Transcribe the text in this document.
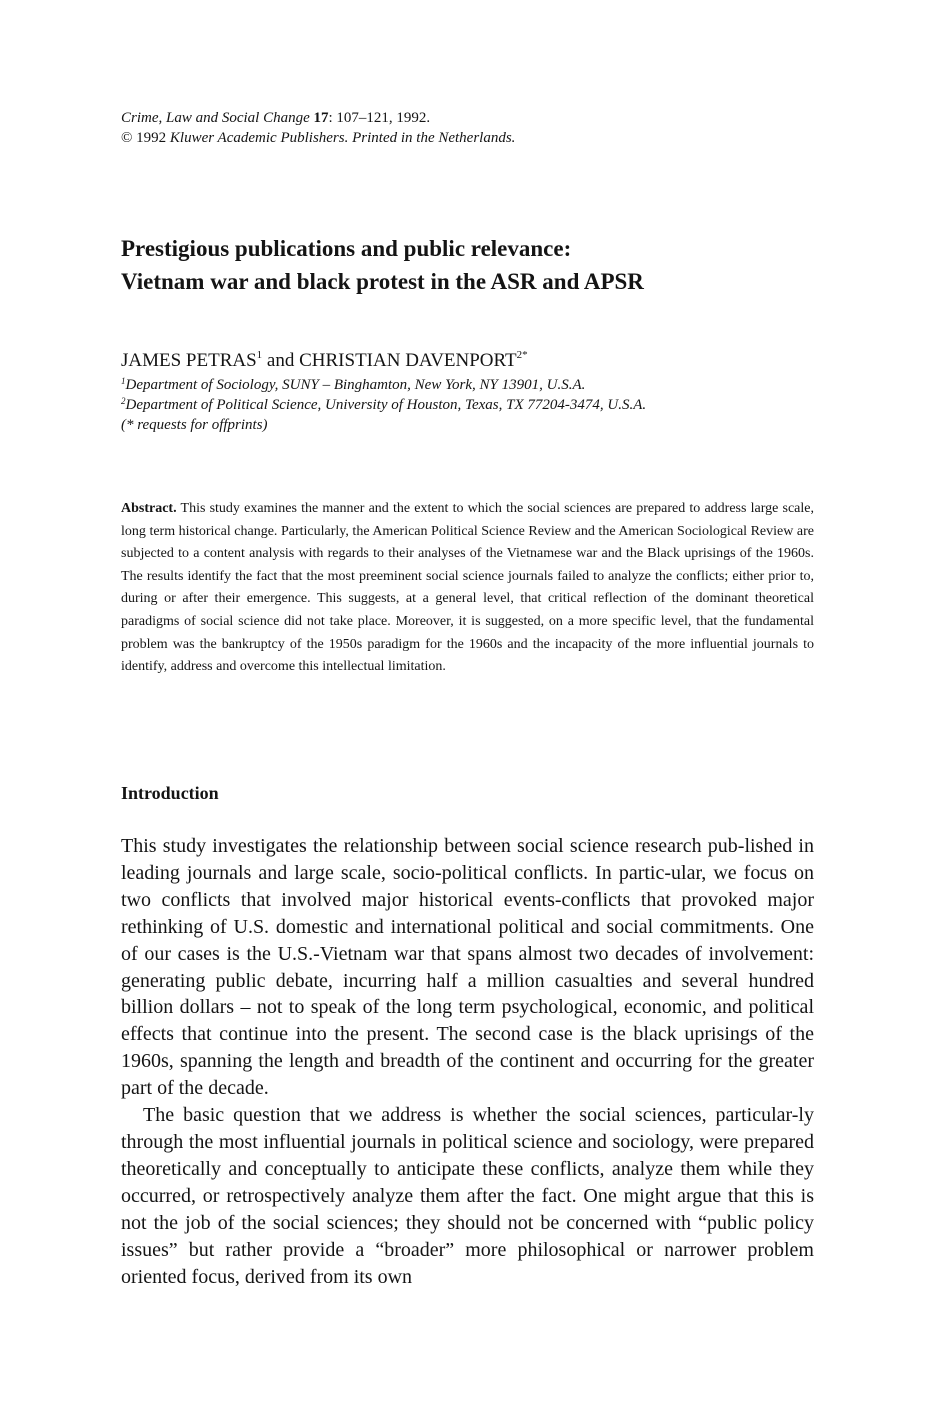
Crime, Law and Social Change 17: 107–121, 1992.
© 1992 Kluwer Academic Publishers. Printed in the Netherlands.
Prestigious publications and public relevance:
Vietnam war and black protest in the ASR and APSR
JAMES PETRAS$^1$ and CHRISTIAN $DAVENPORT^{2*}$
$^1$Department of Sociology, SUNY – Binghamton, New York, NY 13901, U.S.A.
$^2$Department of Political Science, University of Houston, Texas, TX 77204-3474, U.S.A.
(* requests for offprints)
Abstract. This study examines the manner and the extent to which the social sciences are prepared to address large scale, long term historical change. Particularly, the American Political Science Review and the American Sociological Review are subjected to a content analysis with regards to their analyses of the Vietnamese war and the Black uprisings of the 1960s. The results identify the fact that the most preeminent social science journals failed to analyze the conflicts; either prior to, during or after their emergence. This suggests, at a general level, that critical reflection of the dominant theoretical paradigms of social science did not take place. Moreover, it is suggested, on a more specific level, that the fundamental problem was the bankruptcy of the 1950s paradigm for the 1960s and the incapacity of the more influential journals to identify, address and overcome this intellectual limitation.
Introduction

This study investigates the relationship between social science research pub-lished in leading journals and large scale, socio-political conflicts. In partic-ular, we focus on two conflicts that involved major historical events-conflicts that provoked major rethinking of U.S. domestic and international political and social commitments. One of our cases is the U.S.-Vietnam war that spans almost two decades of involvement: generating public debate, incurring half a million casualties and several hundred billion dollars – not to speak of the long term psychological, economic, and political effects that continue into the present. The second case is the black uprisings of the 1960s, spanning the length and breadth of the continent and occurring for the greater part of the decade.

The basic question that we address is whether the social sciences, particular-ly through the most influential journals in political science and sociology, were prepared theoretically and conceptually to anticipate these conflicts, analyze them while they occurred, or retrospectively analyze them after the fact. One might argue that this is not the job of the social sciences; they should not be concerned with “public policy issues” but rather provide a “broader” more philosophical or narrower problem oriented focus, derived from its own
